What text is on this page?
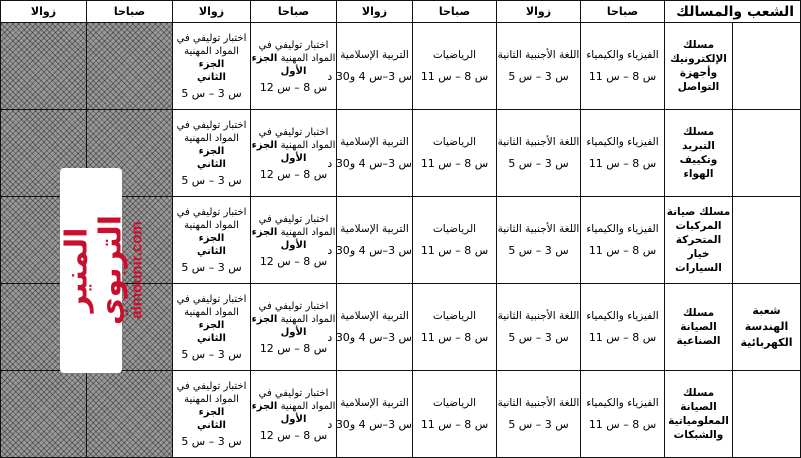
زوالا	صباحا	زوالا	صباحا	زوالا	صباحا	زوالا	صباحا	الشعب والمسالك	

		اختبار توليفي في
المواد المهنية الجزء
الثاني
س 3 – س 5	اختبار توليفي في
المواد المهنية الجزء
الأول
س 8 – س 12	التربية الإسلامية
س 3–س 4 و30 د	الرياضيات
س 8 – س 11	اللغة الأجنبية الثانية
س 3 – س 5	الفيزياء والكيمياء
س 8 – س 11	مسلك الإلكترونيك وأجهزة التواصل	

		اختبار توليفي في
المواد المهنية الجزء
الثاني
س 3 – س 5	اختبار توليفي في
المواد المهنية الجزء
الأول
س 8 – س 12	التربية الإسلامية
س 3–س 4 و30 د	الرياضيات
س 8 – س 11	اللغة الأجنبية الثانية
س 3 – س 5	الفيزياء والكيمياء
س 8 – س 11	مسلك التبريد وتكييف الهواء	

		اختبار توليفي في
المواد المهنية الجزء
الثاني
س 3 – س 5	اختبار توليفي في
المواد المهنية الجزء
الأول
س 8 – س 12	التربية الإسلامية
س 3–س 4 و30 د	الرياضيات
س 8 – س 11	اللغة الأجنبية الثانية
س 3 – س 5	الفيزياء والكيمياء
س 8 – س 11	مسلك صيانة المركبات المتحركة خيار السيارات	

		اختبار توليفي في
المواد المهنية الجزء
الثاني
س 3 – س 5	اختبار توليفي في
المواد المهنية الجزء
الأول
س 8 – س 12	التربية الإسلامية
س 3–س 4 و30 د	الرياضيات
س 8 – س 11	اللغة الأجنبية الثانية
س 3 – س 5	الفيزياء والكيمياء
س 8 – س 11	مسلك الصيانة الصناعية	شعبة الهندسة الكهربائية

		اختبار توليفي في
المواد المهنية الجزء
الثاني
س 3 – س 5	اختبار توليفي في
المواد المهنية الجزء
الأول
س 8 – س 12	التربية الإسلامية
س 3–س 4 و30 د	الرياضيات
س 8 – س 11	اللغة الأجنبية الثانية
س 3 – س 5	الفيزياء والكيمياء
س 8 – س 11	مسلك الصيانة المعلومياتية والشبكات	

المنير التربوي almounir.com
